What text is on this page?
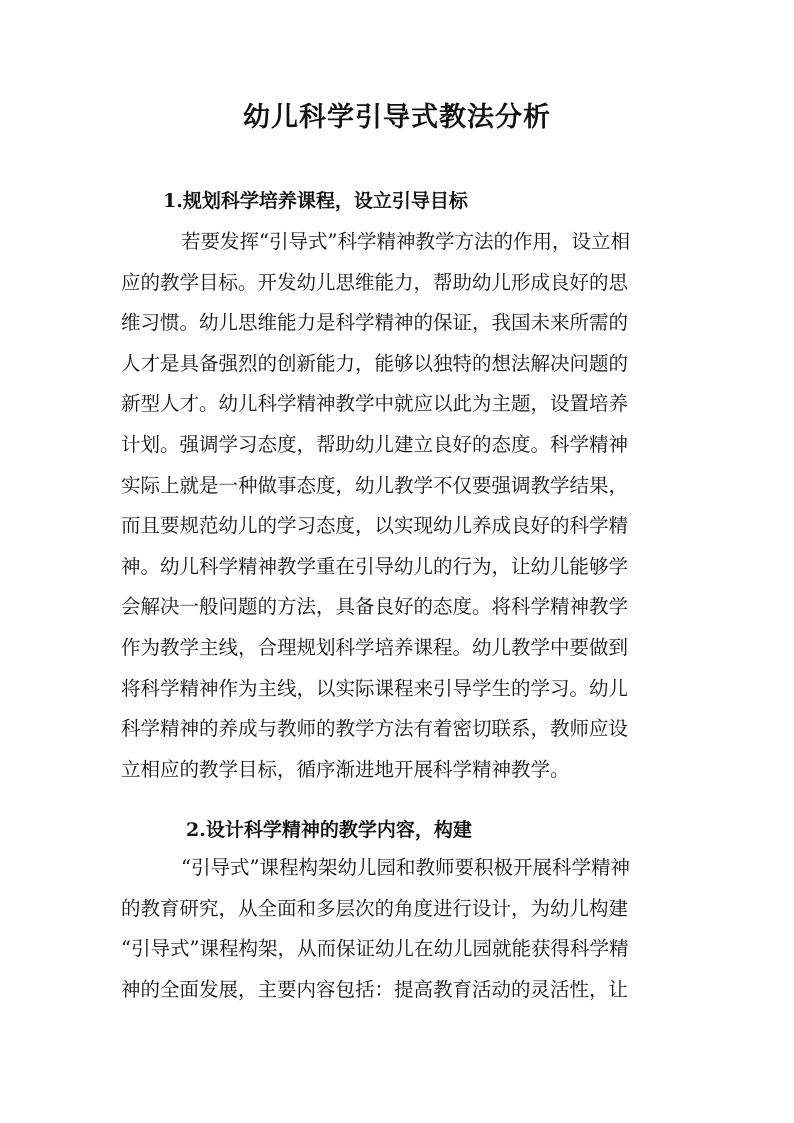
幼儿科学引导式教法分析
1.规划科学培养课程，设立引导目标
若要发挥“引导式”科学精神教学方法的作用，设立相
应的教学目标。开发幼儿思维能力，帮助幼儿形成良好的思
维习惯。幼儿思维能力是科学精神的保证，我国未来所需的
人才是具备强烈的创新能力，能够以独特的想法解决问题的
新型人才。幼儿科学精神教学中就应以此为主题，设置培养
计划。强调学习态度，帮助幼儿建立良好的态度。科学精神
实际上就是一种做事态度，幼儿教学不仅要强调教学结果，
而且要规范幼儿的学习态度，以实现幼儿养成良好的科学精
神。幼儿科学精神教学重在引导幼儿的行为，让幼儿能够学
会解决一般问题的方法，具备良好的态度。将科学精神教学
作为教学主线，合理规划科学培养课程。幼儿教学中要做到
将科学精神作为主线，以实际课程来引导学生的学习。幼儿
科学精神的养成与教师的教学方法有着密切联系，教师应设
立相应的教学目标，循序渐进地开展科学精神教学。
2.设计科学精神的教学内容，构建
“引导式”课程构架幼儿园和教师要积极开展科学精神
的教育研究，从全面和多层次的角度进行设计，为幼儿构建
“引导式”课程构架，从而保证幼儿在幼儿园就能获得科学精
神的全面发展，主要内容包括：提高教育活动的灵活性，让
